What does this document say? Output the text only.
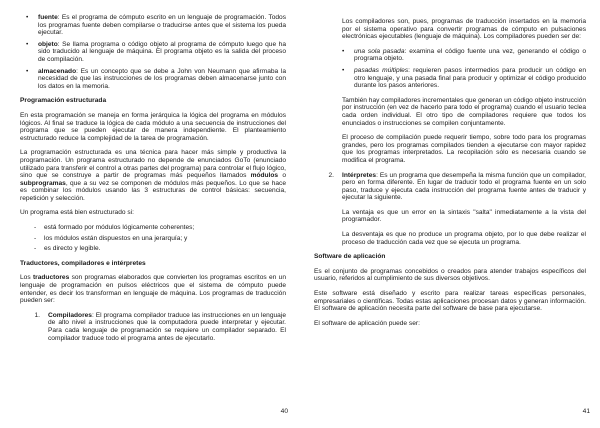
• fuente: Es el programa de cómputo escrito en un lenguaje de programación. Todos los programas fuente deben compilarse o traducirse antes que el sistema los pueda ejecutar.
• objeto: Se llama programa o código objeto al programa de cómputo luego que ha sido traducido al lenguaje de máquina. El programa objeto es la salida del proceso de compilación.
• almacenado: Es un concepto que se debe a John von Neumann que afirmaba la necesidad de que las instrucciones de los programas deben almacenarse junto con los datos en la memoria.
Programación estructurada

En esta programación se maneja en forma jerárquica la lógica del programa en módulos lógicos. Al final se traduce la lógica de cada módulo a una secuencia de instrucciones del programa que se pueden ejecutar de manera independiente. El planteamiento estructurado reduce la complejidad de la tarea de programación.

La programación estructurada es una técnica para hacer más simple y productiva la programación. Un programa estructurado no depende de enunciados GoTo (enunciado utilizado para transferir el control a otras partes del programa) para controlar el flujo lógico, sino que se construye a partir de programas más pequeños llamados módulos o subprogramas, que a su vez se componen de módulos más pequeños. Lo que se hace es combinar los módulos usando las 3 estructuras de control básicas: secuencia, repetición y selección.

Un programa está bien estructurado si:

- está formado por módulos lógicamente coherentes;
- los módulos están dispuestos en una jerarquía; y
- es directo y legible.
Traductores, compiladores e intérpretes

Los traductores son programas elaborados que convierten los programas escritos en un lenguaje de programación en pulsos eléctricos que el sistema de cómputo puede entender, es decir los transforman en lenguaje de máquina. Los programas de traducción pueden ser:

1. Compiladores: El programa compilador traduce las instrucciones en un lenguaje de alto nivel a instrucciones que la computadora puede interpretar y ejecutar. Para cada lenguaje de programación se requiere un compilador separado. El compilador traduce todo el programa antes de ejecutarlo.
40

Los compiladores son, pues, programas de traducción insertados en la memoria por el sistema operativo para convertir programas de cómputo en pulsaciones electrónicas ejecutables (lenguaje de máquina). Los compiladores pueden ser de:

• una sola pasada: examina el código fuente una vez, generando el código o programa objeto.
• pasadas múltiples: requieren pasos intermedios para producir un código en otro lenguaje, y una pasada final para producir y optimizar el código producido durante los pasos anteriores.

También hay compiladores incrementales que generan un código objeto instrucción por instrucción (en vez de hacerlo para todo el programa) cuando el usuario teclea cada orden individual. El otro tipo de compiladores requiere que todos los enunciados o instrucciones se compilen conjuntamente.

El proceso de compilación puede requerir tiempo, sobre todo para los programas grandes, pero los programas compilados tienden a ejecutarse con mayor rapidez que los programas interpretados. La recopilación sólo es necesaria cuando se modifica el programa.

2. Intérpretes: Es un programa que desempeña la misma función que un compilador, pero en forma diferente. En lugar de traducir todo el programa fuente en un solo paso, traduce y ejecuta cada instrucción del programa fuente antes de traducir y ejecutar la siguiente.

La ventaja es que un error en la sintaxis "salta" inmediatamente a la vista del programador.

La desventaja es que no produce un programa objeto, por lo que debe realizar el proceso de traducción cada vez que se ejecuta un programa.

Software de aplicación

Es el conjunto de programas concebidos o creados para atender trabajos específicos del usuario, referidos al cumplimiento de sus diversos objetivos.

Este software está diseñado y escrito para realizar tareas específicas personales, empresariales o científicas. Todas estas aplicaciones procesan datos y generan información. El software de aplicación necesita parte del software de base para ejecutarse.

El software de aplicación puede ser:

41
